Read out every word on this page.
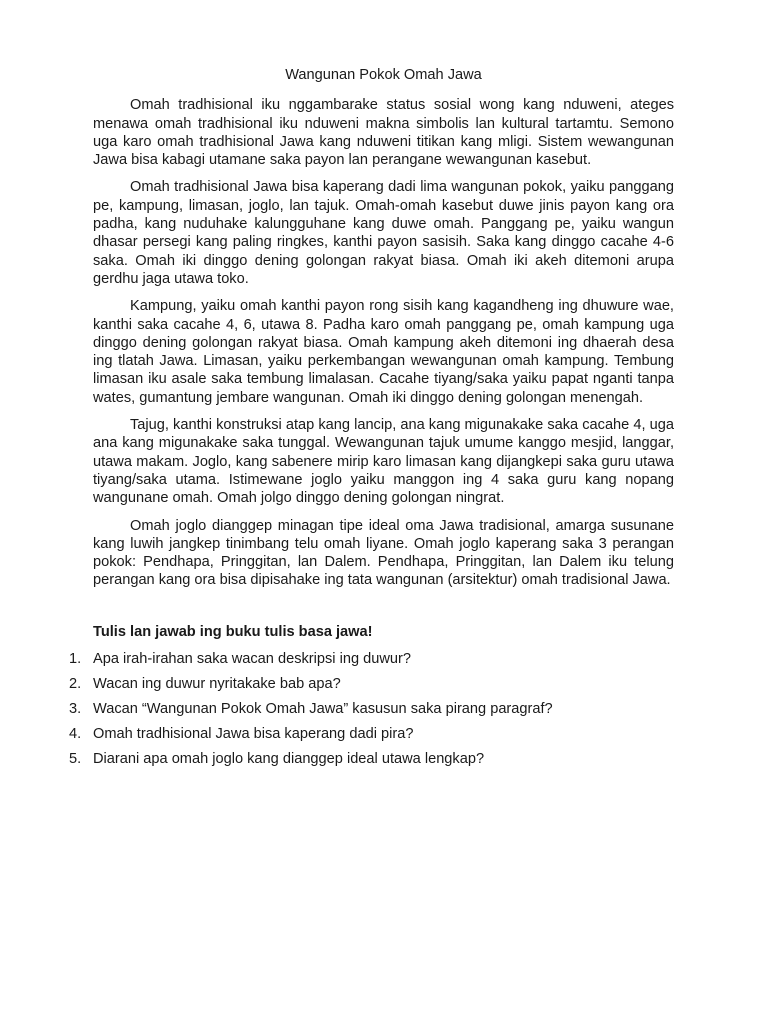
Wangunan Pokok Omah Jawa

Omah tradhisional iku nggambarake status sosial wong kang nduweni, ateges menawa omah tradhisional iku nduweni makna simbolis lan kultural tartamtu. Semono uga karo omah tradhisional Jawa kang nduweni titikan kang mligi. Sistem wewangunan Jawa bisa kabagi utamane saka payon lan perangane wewangunan kasebut.

Omah tradhisional Jawa bisa kaperang dadi lima wangunan pokok, yaiku panggang pe, kampung, limasan, joglo, lan tajuk. Omah-omah kasebut duwe jinis payon kang ora padha, kang nuduhake kalungguhane kang duwe omah. Panggang pe, yaiku wangun dhasar persegi kang paling ringkes, kanthi payon sasisih. Saka kang dinggo cacahe 4-6 saka. Omah iki dinggo dening golongan rakyat biasa. Omah iki akeh ditemoni arupa gerdhu jaga utawa toko.

Kampung, yaiku omah kanthi payon rong sisih kang kagandheng ing dhuwure wae, kanthi saka cacahe 4, 6, utawa 8. Padha karo omah panggang pe, omah kampung uga dinggo dening golongan rakyat biasa. Omah kampung akeh ditemoni ing dhaerah desa ing tlatah Jawa. Limasan, yaiku perkembangan wewangunan omah kampung. Tembung limasan iku asale saka tembung limalasan. Cacahe tiyang/saka yaiku papat nganti tanpa wates, gumantung jembare wangunan. Omah iki dinggo dening golongan menengah.

Tajug, kanthi konstruksi atap kang lancip, ana kang migunakake saka cacahe 4, uga ana kang migunakake saka tunggal. Wewangunan tajuk umume kanggo mesjid, langgar, utawa makam. Joglo, kang sabenere mirip karo limasan kang dijangkepi saka guru utawa tiyang/saka utama. Istimewane joglo yaiku manggon ing 4 saka guru kang nopang wangunane omah. Omah jolgo dinggo dening golongan ningrat.

Omah joglo dianggep minagan tipe ideal oma Jawa tradisional, amarga susunane kang luwih jangkep tinimbang telu omah liyane. Omah joglo kaperang saka 3 perangan pokok: Pendhapa, Pringgitan, lan Dalem. Pendhapa, Pringgitan, lan Dalem iku telung perangan kang ora bisa dipisahake ing tata wangunan (arsitektur) omah tradisional Jawa.

Tulis lan jawab ing buku tulis basa jawa!

1. Apa irah-irahan saka wacan deskripsi ing duwur?
2. Wacan ing duwur nyritakake bab apa?
3. Wacan “Wangunan Pokok Omah Jawa” kasusun saka pirang paragraf?
4. Omah tradhisional Jawa bisa kaperang dadi pira?
5. Diarani apa omah joglo kang dianggep ideal utawa lengkap?
